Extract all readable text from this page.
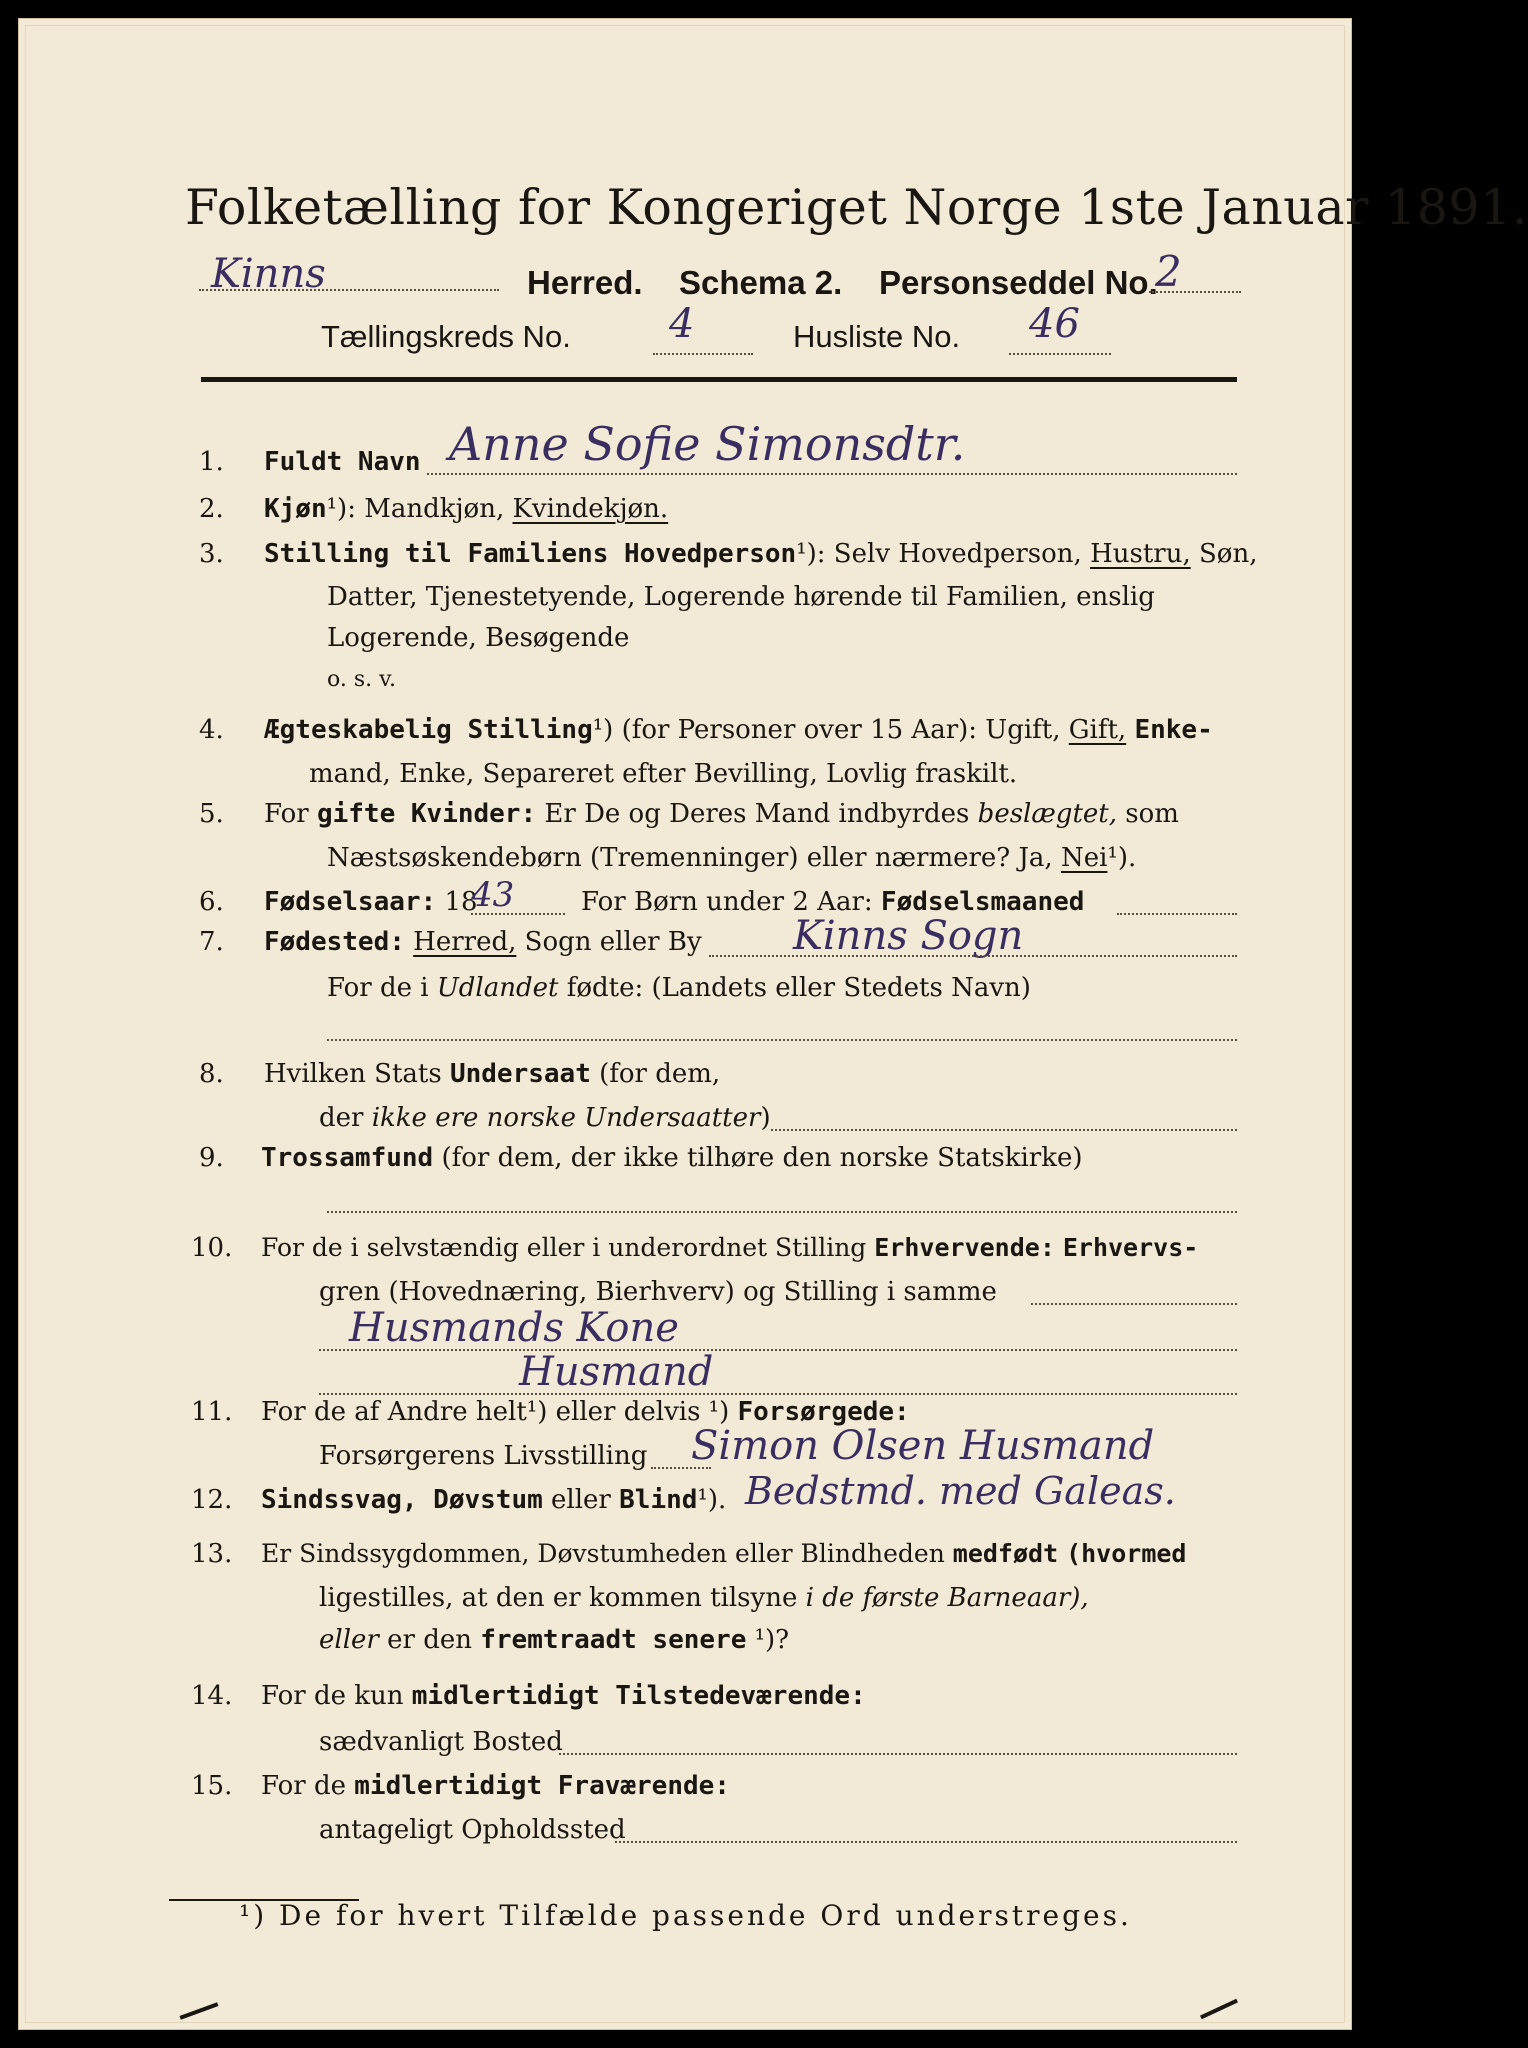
Folketælling for Kongeriget Norge 1ste Januar 1891.
Kinns	Herred. Schema 2. Personseddel No.
2
Tællingskreds No. 4	Husliste No. 46
1. Fuldt Navn Anne Sofie Simonsdtr.
2. Kjøn¹): Mandkjøn, Kvindekjøn.
3. Stilling til Familiens Hovedperson¹): Selv Hovedperson, Hustru, Søn,
Datter, Tjenestetyende, Logerende hørende til Familien, enslig
Logerende, Besøgende
o. s. v.
4. Ægteskabelig Stilling¹) (for Personer over 15 Aar): Ugift, Gift, Enke-
mand, Enke, Separeret efter Bevilling, Lovlig fraskilt.
5. For gifte Kvinder: Er De og Deres Mand indbyrdes beslægtet, som
Næstsøskendebørn (Tremenninger) eller nærmere? Ja, Nei¹).
6. Fødselsaar: 18
43	For Børn under 2 Aar: Fødselsmaaned
7. Fødested: Herred, Sogn eller By Kinns Sogn
For de i Udlandet fødte: (Landets eller Stedets Navn)
8. Hvilken Stats Undersaat (for dem,
der ikke ere norske Undersaatter)
9. Trossamfund (for dem, der ikke tilhøre den norske Statskirke)
10. For de i selvstændig eller i underordnet Stilling Erhvervende: Erhvervs-
gren (Hovednæring, Bierhverv) og Stilling i samme
Husmands Kone
Husmand
11. For de af Andre helt¹) eller delvis ¹) Forsørgede:
Forsørgerens Livsstilling Simon Olsen Husmand
12. Sindssvag, Døvstum eller Blind¹). Bedstmd. med Galeas.
13. Er Sindssygdommen, Døvstumheden eller Blindheden medfødt (hvormed
ligestilles, at den er kommen tilsyne i de første Barneaar),
eller er den fremtraadt senere ¹)?
14. For de kun midlertidigt Tilstedeværende:
sædvanligt Bosted
15. For de midlertidigt Fraværende:
antageligt Opholdssted
¹) De for hvert Tilfælde passende Ord understreges.
